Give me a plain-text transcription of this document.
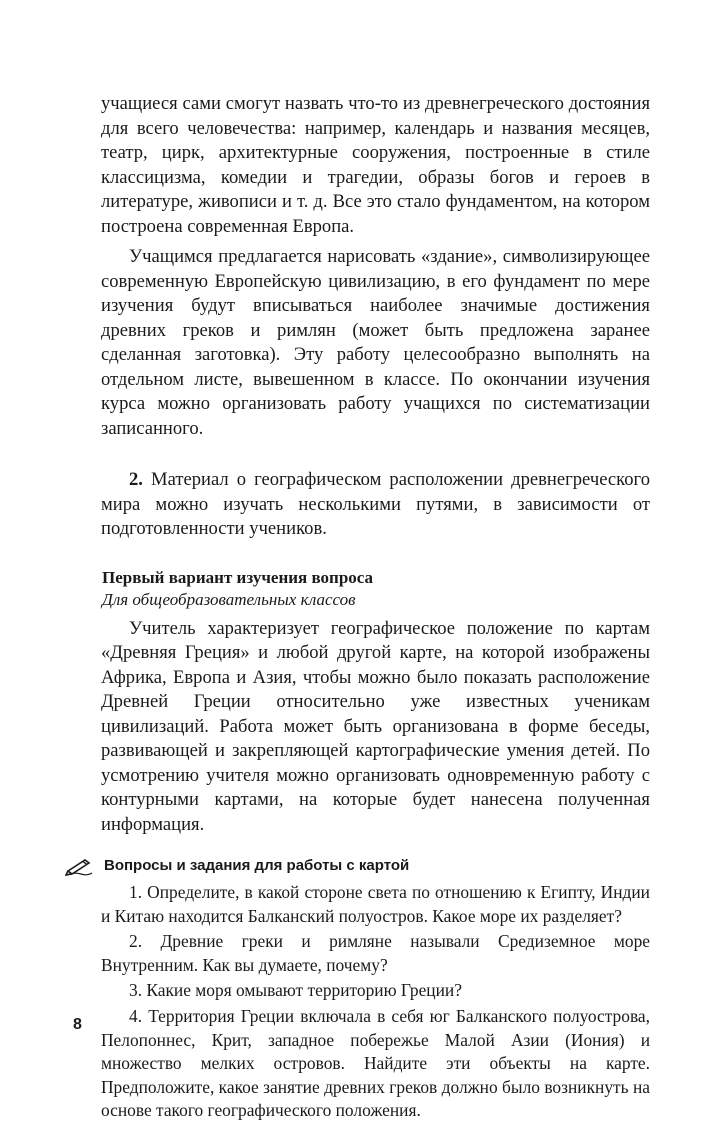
учащиеся сами смогут назвать что-то из древнегреческого достояния для всего человечества: например, календарь и названия месяцев, театр, цирк, архитектурные сооружения, построенные в стиле классицизма, комедии и трагедии, образы богов и героев в литературе, живописи и т. д. Все это стало фундаментом, на котором построена современная Европа.

Учащимся предлагается нарисовать «здание», символизирующее современную Европейскую цивилизацию, в его фундамент по мере изучения будут вписываться наиболее значимые достижения древних греков и римлян (может быть предложена заранее сделанная заготовка). Эту работу целесообразно выполнять на отдельном листе, вывешенном в классе. По окончании изучения курса можно организовать работу учащихся по систематизации записанного.

2. Материал о географическом расположении древнегреческого мира можно изучать несколькими путями, в зависимости от подготовленности учеников.

Первый вариант изучения вопроса

Для общеобразовательных классов

Учитель характеризует географическое положение по картам «Древняя Греция» и любой другой карте, на которой изображены Африка, Европа и Азия, чтобы можно было показать расположение Древней Греции относительно уже известных ученикам цивилизаций. Работа может быть организована в форме беседы, развивающей и закрепляющей картографические умения детей. По усмотрению учителя можно организовать одновременную работу с контурными картами, на которые будет нанесена полученная информация.

Вопросы и задания для работы с картой

1. Определите, в какой стороне света по отношению к Египту, Индии и Китаю находится Балканский полуостров. Какое море их разделяет?

2. Древние греки и римляне называли Средиземное море Внутренним. Как вы думаете, почему?

3. Какие моря омывают территорию Греции?

4. Территория Греции включала в себя юг Балканского полуострова, Пелопоннес, Крит, западное побережье Малой Азии (Иония) и множество мелких островов. Найдите эти объекты на карте. Предположите, какое занятие древних греков должно было возникнуть на основе такого географического положения.

8
